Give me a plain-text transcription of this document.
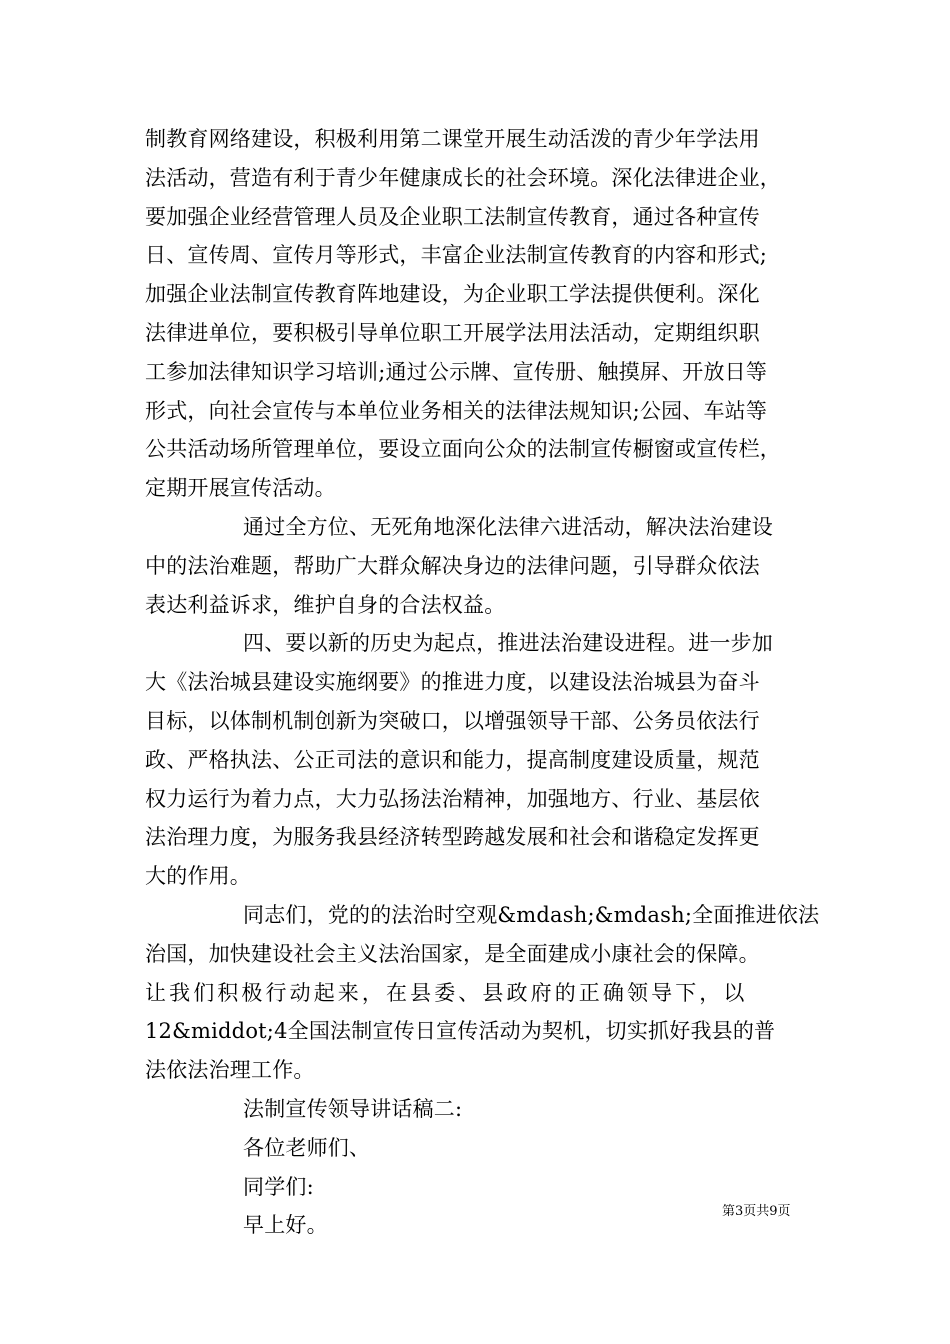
制教育网络建设，积极利用第二课堂开展生动活泼的青少年学法用
法活动，营造有利于青少年健康成长的社会环境。深化法律进企业，
要加强企业经营管理人员及企业职工法制宣传教育，通过各种宣传
日、宣传周、宣传月等形式，丰富企业法制宣传教育的内容和形式;
加强企业法制宣传教育阵地建设，为企业职工学法提供便利。深化
法律进单位，要积极引导单位职工开展学法用法活动，定期组织职
工参加法律知识学习培训;通过公示牌、宣传册、触摸屏、开放日等
形式，向社会宣传与本单位业务相关的法律法规知识;公园、车站等
公共活动场所管理单位，要设立面向公众的法制宣传橱窗或宣传栏，
定期开展宣传活动。
通过全方位、无死角地深化法律六进活动，解决法治建设
中的法治难题，帮助广大群众解决身边的法律问题，引导群众依法
表达利益诉求，维护自身的合法权益。
四、要以新的历史为起点，推进法治建设进程。进一步加
大《法治城县建设实施纲要》的推进力度，以建设法治城县为奋斗
目标，以体制机制创新为突破口，以增强领导干部、公务员依法行
政、严格执法、公正司法的意识和能力，提高制度建设质量，规范
权力运行为着力点，大力弘扬法治精神，加强地方、行业、基层依
法治理力度，为服务我县经济转型跨越发展和社会和谐稳定发挥更
大的作用。
同志们，党的的法治时空观&mdash;&mdash;全面推进依法
治国，加快建设社会主义法治国家，是全面建成小康社会的保障。
让我们积极行动起来，在县委、县政府的正确领导下，以
12&middot;4全国法制宣传日宣传活动为契机，切实抓好我县的普
法依法治理工作。
法制宣传领导讲话稿二:
各位老师们、
同学们:
早上好。
第3页共9页
